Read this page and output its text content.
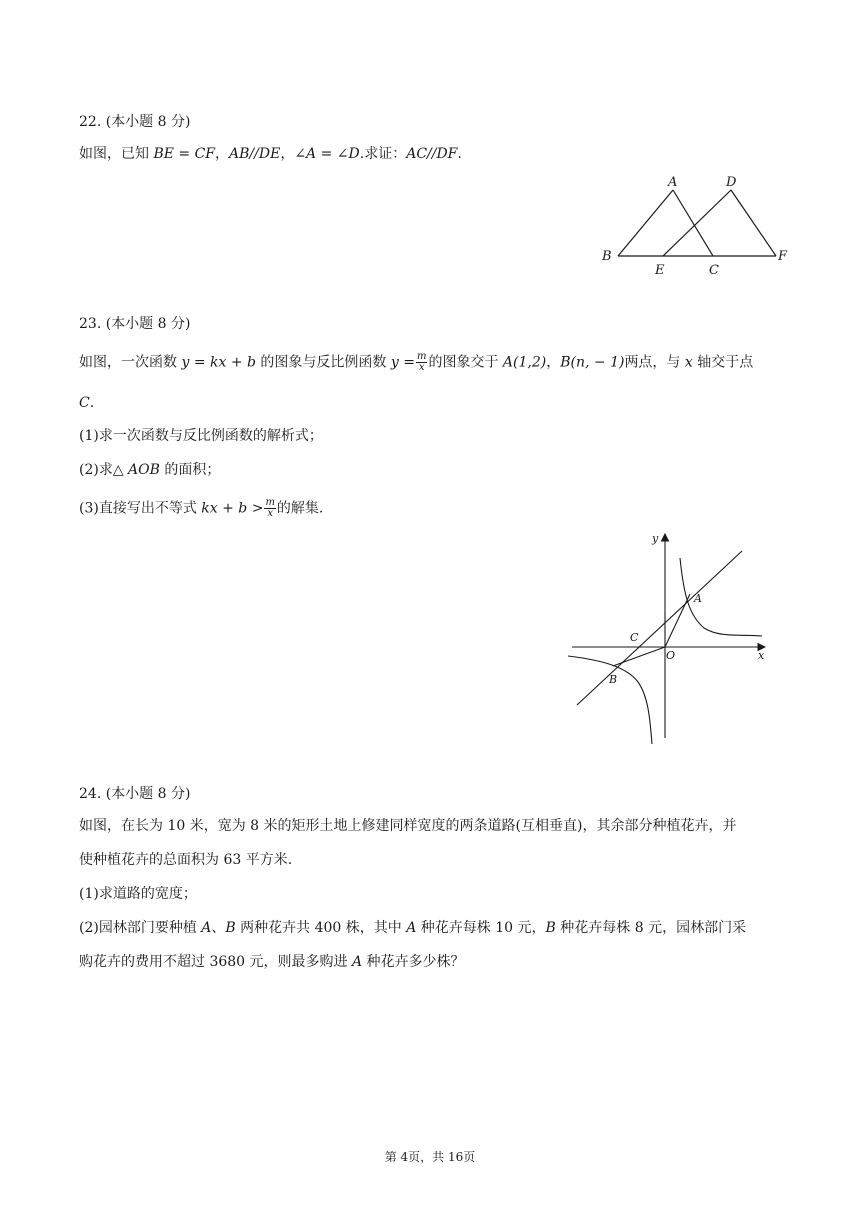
22. (本小题 8 分)
如图，已知 BE = CF，AB//DE，∠A = ∠D.求证：AC//DF.
A	D
B
E	C
F
23. (本小题 8 分)
如图，一次函数 y = kx + b 的图象与反比例函数 $y = \frac{m}{x}$ 的图象交于 A(1,2)，B(n, − 1)两点，与 x 轴交于点
C.
(1)求一次函数与反比例函数的解析式；
(2)求△ AOB 的面积；
(3)直接写出不等式 kx + $b > \frac{m}{x}$ 的解集.
y
x
A
B
C
O
24. (本小题 8 分)
如图，在长为 10 米，宽为 8 米的矩形土地上修建同样宽度的两条道路(互相垂直)，其余部分种植花卉，并
使种植花卉的总面积为 63 平方米.
(1)求道路的宽度；
(2)园林部门要种植 A、B 两种花卉共 400 株，其中 A 种花卉每株 10 元，B 种花卉每株 8 元，园林部门采
购花卉的费用不超过 3680 元，则最多购进 A 种花卉多少株？
第 4页，共 16页
